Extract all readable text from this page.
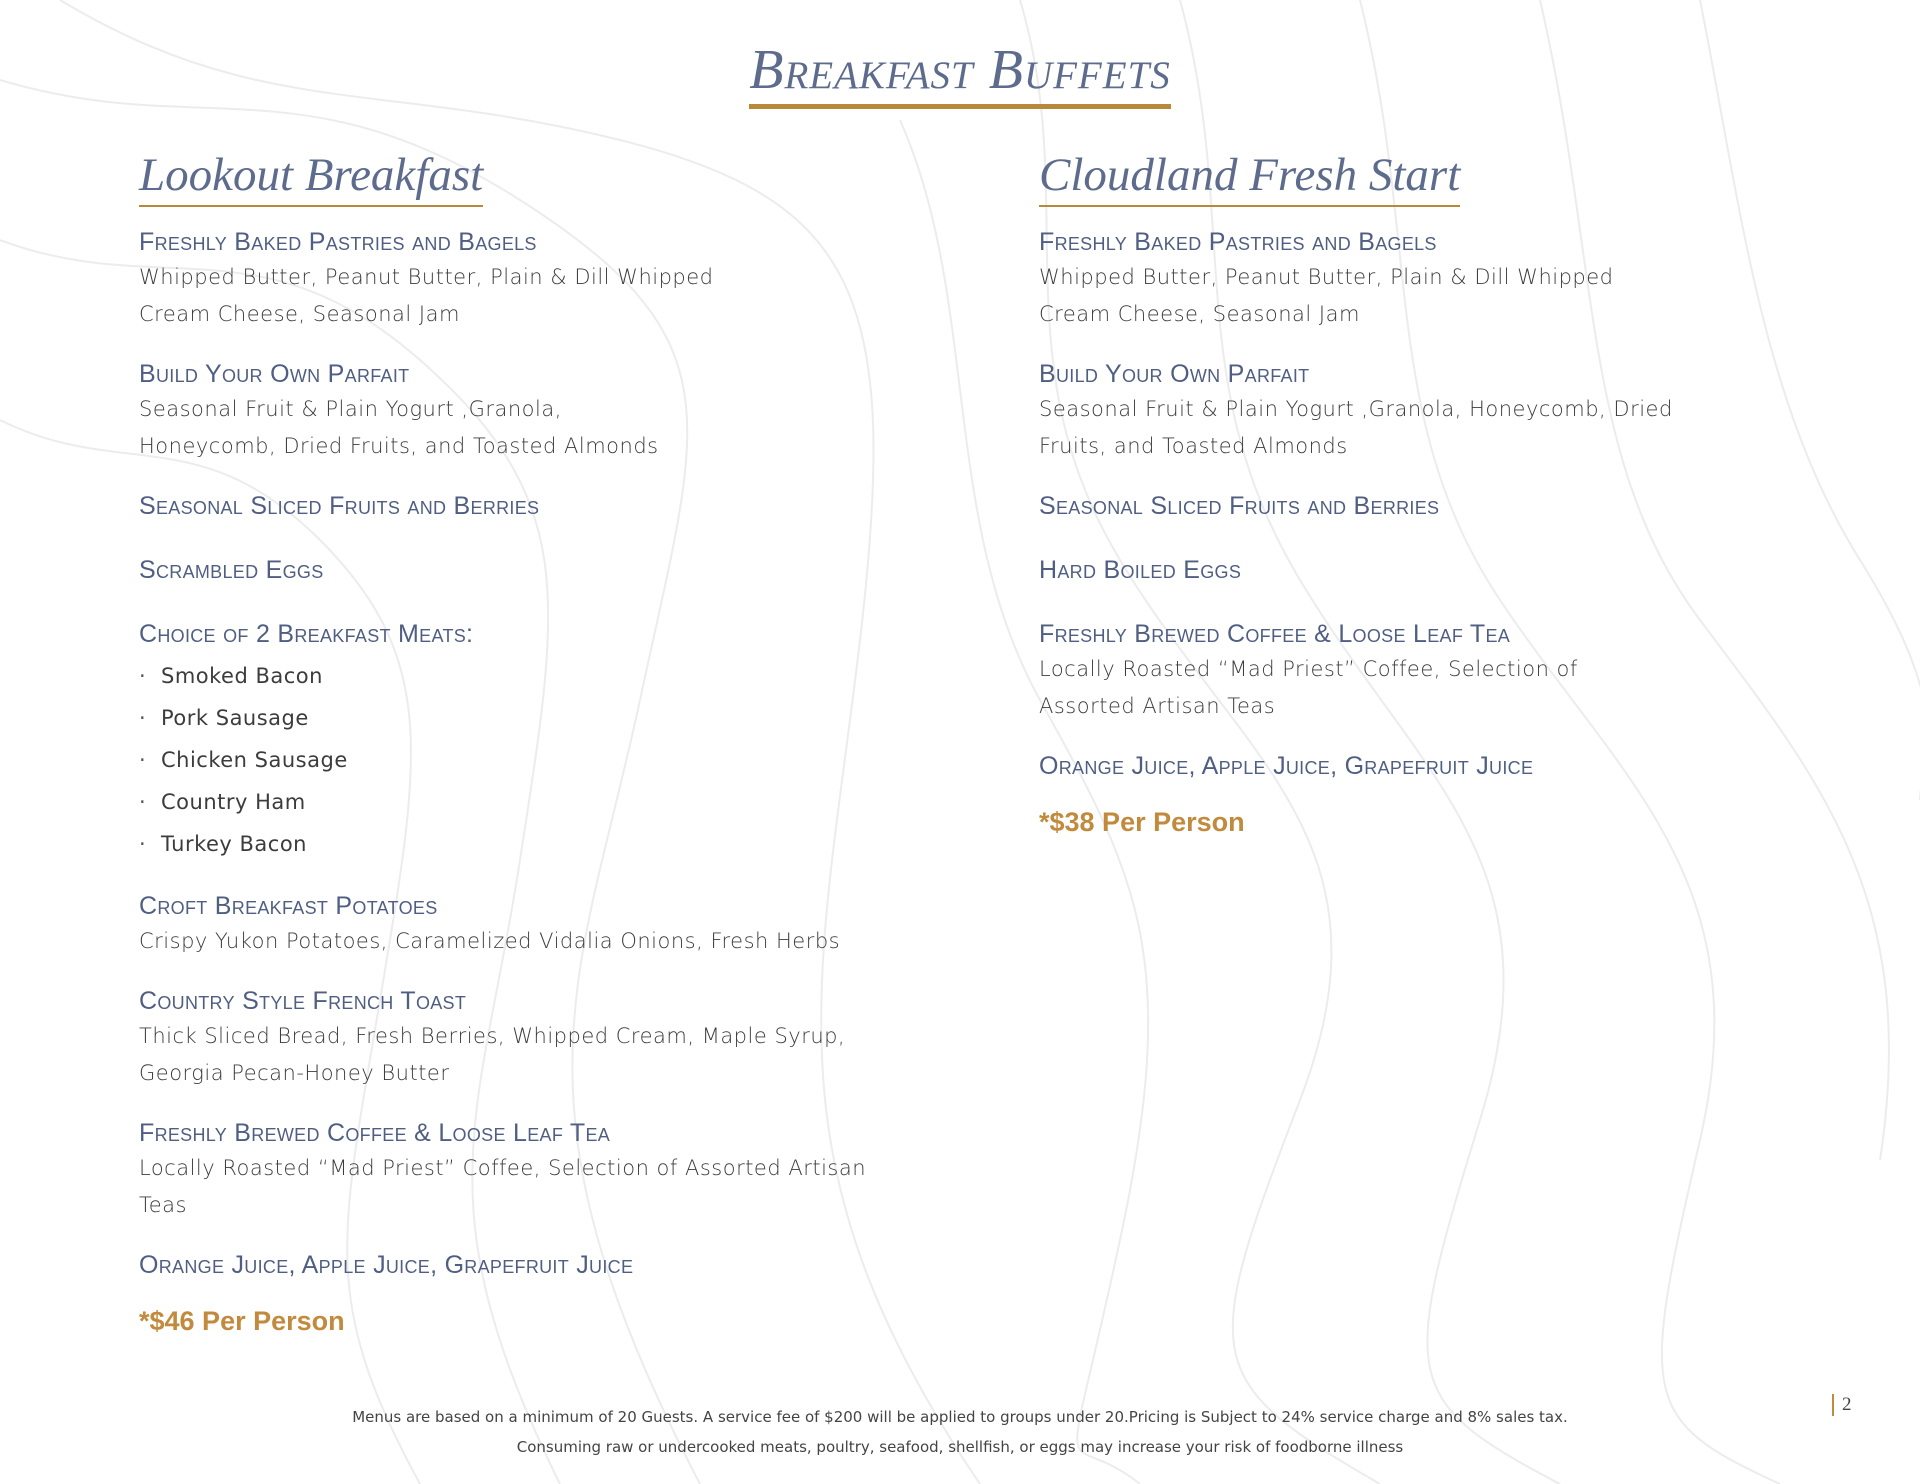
Breakfast Buffets
Lookout Breakfast
Freshly Baked Pastries and Bagels
Whipped Butter, Peanut Butter, Plain & Dill Whipped Cream Cheese, Seasonal Jam
Build Your Own Parfait
Seasonal Fruit & Plain Yogurt ,Granola, Honeycomb, Dried Fruits, and Toasted Almonds
Seasonal Sliced Fruits and Berries
Scrambled Eggs
Choice of 2 Breakfast Meats:
· Smoked Bacon
· Pork Sausage
· Chicken Sausage
· Country Ham
· Turkey Bacon
Croft Breakfast Potatoes
Crispy Yukon Potatoes, Caramelized Vidalia Onions, Fresh Herbs
Country Style French Toast
Thick Sliced Bread, Fresh Berries, Whipped Cream, Maple Syrup, Georgia Pecan-Honey Butter
Freshly Brewed Coffee & Loose Leaf Tea
Locally Roasted “Mad Priest” Coffee, Selection of Assorted Artisan Teas
Orange Juice, Apple Juice, Grapefruit Juice
*$46 Per Person
Cloudland Fresh Start
Freshly Baked Pastries and Bagels
Whipped Butter, Peanut Butter, Plain & Dill Whipped Cream Cheese, Seasonal Jam
Build Your Own Parfait
Seasonal Fruit & Plain Yogurt ,Granola, Honeycomb, Dried Fruits, and Toasted Almonds
Seasonal Sliced Fruits and Berries
Hard Boiled Eggs
Freshly Brewed Coffee & Loose Leaf Tea
Locally Roasted “Mad Priest” Coffee, Selection of Assorted Artisan Teas
Orange Juice, Apple Juice, Grapefruit Juice
*$38 Per Person
Menus are based on a minimum of 20 Guests. A service fee of $200 will be applied to groups under 20.Pricing is Subject to 24% service charge and 8% sales tax.
Consuming raw or undercooked meats, poultry, seafood, shellfish, or eggs may increase your risk of foodborne illness
2
